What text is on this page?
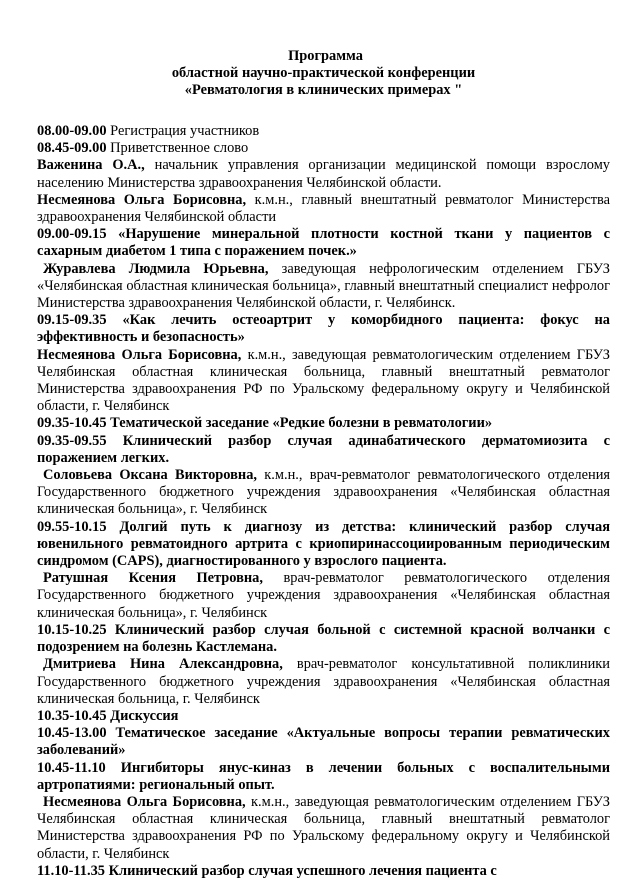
Программа
областной научно-практической конференции
«Ревматология в клинических примерах "

08.00-09.00 Регистрация участников

08.45-09.00 Приветственное слово

Важенина О.А., начальник управления организации медицинской помощи взрослому населению Министерства здравоохранения Челябинской области.

Несмеянова Ольга Борисовна, к.м.н., главный внештатный ревматолог Министерства здравоохранения Челябинской области

09.00-09.15 «Нарушение минеральной плотности костной ткани у пациентов с сахарным диабетом 1 типа с поражением почек.»

Журавлева Людмила Юрьевна, заведующая нефрологическим отделением ГБУЗ «Челябинская областная клиническая больница», главный внештатный специалист нефролог Министерства здравоохранения Челябинской области, г. Челябинск.

09.15-09.35 «Как лечить остеоартрит у коморбидного пациента: фокус на эффективность и безопасность»

Несмеянова Ольга Борисовна, к.м.н., заведующая ревматологическим отделением ГБУЗ Челябинская областная клиническая больница, главный внештатный ревматолог Министерства здравоохранения РФ по Уральскому федеральному округу и Челябинской области, г. Челябинск

09.35-10.45 Тематической заседание «Редкие болезни в ревматологии»

09.35-09.55 Клинический разбор случая адинабатического дерматомиозита с поражением легких.

Соловьева Оксана Викторовна, к.м.н., врач-ревматолог ревматологического отделения Государственного бюджетного учреждения здравоохранения «Челябинская областная клиническая больница», г. Челябинск

09.55-10.15 Долгий путь к диагнозу из детства: клинический разбор случая ювенильного ревматоидного артрита с криопиринассоциированным периодическим синдромом (CAPS), диагностированного у взрослого пациента.

Ратушная Ксения Петровна, врач-ревматолог ревматологического отделения Государственного бюджетного учреждения здравоохранения «Челябинская областная клиническая больница», г. Челябинск

10.15-10.25 Клинический разбор случая больной с системной красной волчанки с подозрением на болезнь Кастлемана.

Дмитриева Нина Александровна, врач-ревматолог консультативной поликлиники Государственного бюджетного учреждения здравоохранения «Челябинская областная клиническая больница, г. Челябинск

10.35-10.45 Дискуссия

10.45-13.00 Тематическое заседание «Актуальные вопросы терапии ревматических заболеваний»

10.45-11.10 Ингибиторы янус-киназ в лечении больных с воспалительными артропатиями: региональный опыт.

Несмеянова Ольга Борисовна, к.м.н., заведующая ревматологическим отделением ГБУЗ Челябинская областная клиническая больница, главный внештатный ревматолог Министерства здравоохранения РФ по Уральскому федеральному округу и Челябинской области, г. Челябинск

11.10-11.35 Клинический разбор случая успешного лечения пациента с
